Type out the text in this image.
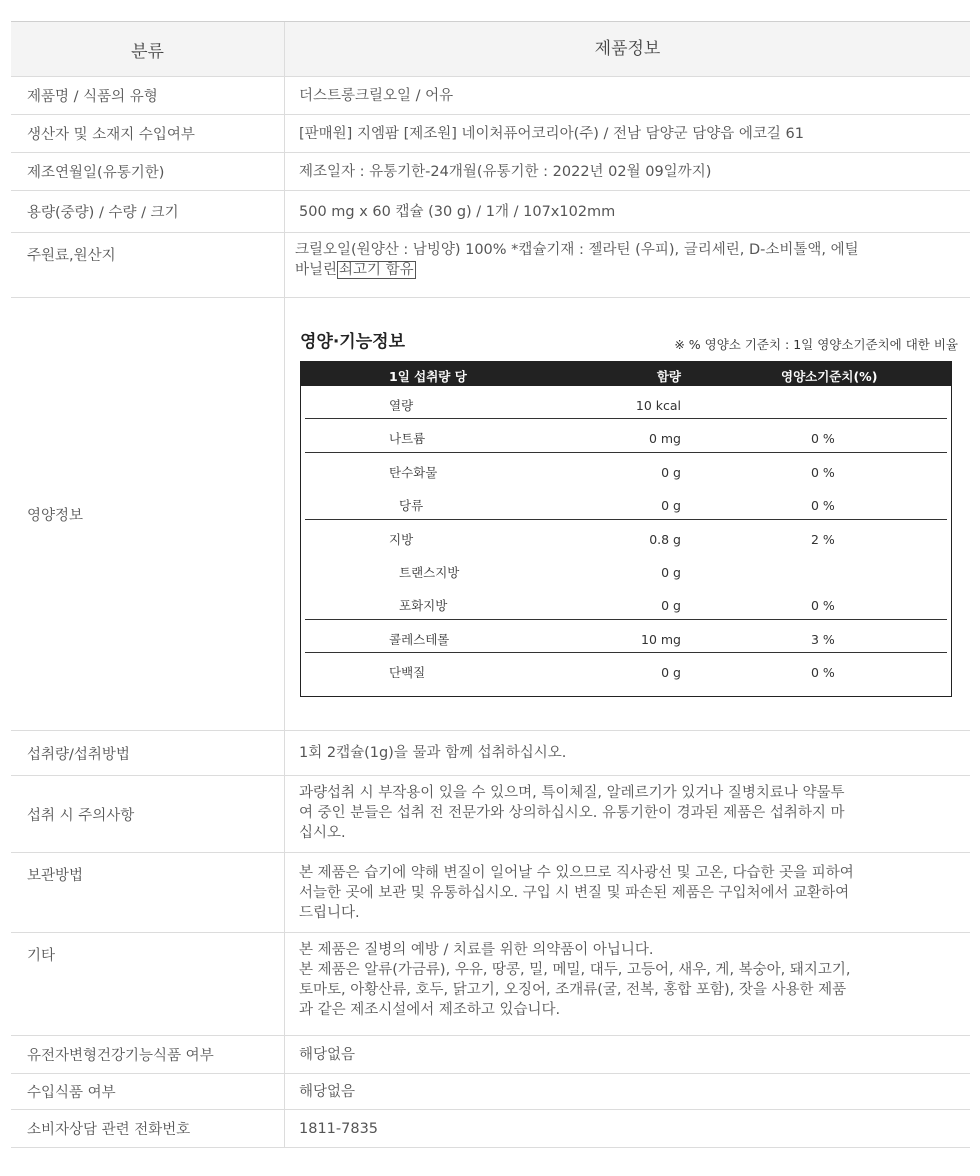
분류	제품정보
제품명 / 식품의 유형	더스트롱크릴오일 / 어유
생산자 및 소재지 수입여부	[판매원] 지엠팜 [제조원] 네이처퓨어코리아(주) / 전남 담양군 담양읍 에코길 61
제조연월일(유통기한)	제조일자 : 유통기한-24개월(유통기한 : 2022년 02월 09일까지)
용량(중량) / 수량 / 크기	500 mg x 60 캡슐 (30 g) / 1개 / 107x102mm
주원료,원산지	크릴오일(원양산 : 남빙양) 100% *캡슐기재 : 젤라틴 (우피), 글리세린, D-소비톨액, 에틸
바닐린 쇠고기 함유
영양정보
영양·기능정보	※ % 영양소 기준치 : 1일 영양소기준치에 대한 비율
1일 섭취량 당	함량	영양소기준치(%)
열량	10 kcal
나트륨	0 mg	0 %
탄수화물	0 g	0 %
당류	0 g	0 %
지방	0.8 g	2 %
트랜스지방	0 g
포화지방	0 g	0 %
콜레스테롤	10 mg	3 %
단백질	0 g	0 %
섭취량/섭취방법	1회 2캡슐(1g)을 물과 함께 섭취하십시오.
섭취 시 주의사항
과량섭취 시 부작용이 있을 수 있으며, 특이체질, 알레르기가 있거나 질병치료나 약물투
여 중인 분들은 섭취 전 전문가와 상의하십시오. 유통기한이 경과된 제품은 섭취하지 마
십시오.
보관방법	본 제품은 습기에 약해 변질이 일어날 수 있으므로 직사광선 및 고온, 다습한 곳을 피하여
서늘한 곳에 보관 및 유통하십시오. 구입 시 변질 및 파손된 제품은 구입처에서 교환하여
드립니다.
기타	본 제품은 질병의 예방 / 치료를 위한 의약품이 아닙니다.
본 제품은 알류(가금류), 우유, 땅콩, 밀, 메밀, 대두, 고등어, 새우, 게, 복숭아, 돼지고기,
토마토, 아황산류, 호두, 닭고기, 오징어, 조개류(굴, 전복, 홍합 포함), 잣을 사용한 제품
과 같은 제조시설에서 제조하고 있습니다.
유전자변형건강기능식품 여부	해당없음
수입식품 여부	해당없음
소비자상담 관련 전화번호	1811-7835
